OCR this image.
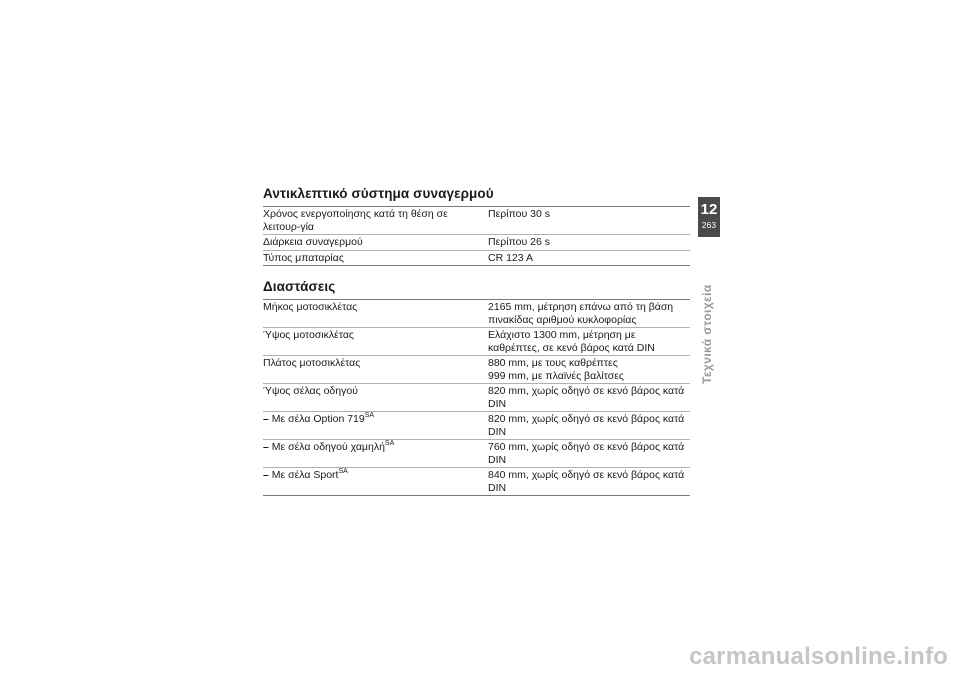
Αντικλεπτικό σύστημα συναγερμού
Χρόνος ενεργοποίησης κατά τη θέση σε λειτουρ-γία	Περίπου 30 s
Διάρκεια συναγερμού	Περίπου 26 s
Τύπος μπαταρίας	CR 123 A
Διαστάσεις
Μήκος μοτοσικλέτας	2165 mm, μέτρηση επάνω από τη βάση πινακίδας αριθμού κυκλοφορίας
Ύψος μοτοσικλέτας	Ελάχιστο 1300 mm, μέτρηση με καθρέπτες, σε κενό βάρος κατά DIN
Πλάτος μοτοσικλέτας	880 mm, με τους καθρέπτες
999 mm, με πλαϊνές βαλίτσες

Ύψος σέλας οδηγού	820 mm, χωρίς οδηγό σε κενό βάρος κατά DIN
– Με σέλα Option $719^{SA}$	820 mm, χωρίς οδηγό σε κενό βάρος κατά DIN
– Με σέλα οδηγού χαμηλή$^{SA}$	760 mm, χωρίς οδηγό σε κενό βάρος κατά DIN
– Με σέλα Sport$^{SA}$	840 mm, χωρίς οδηγό σε κενό βάρος κατά DIN
12
263
Τεχνικά στοιχεία
carmanualsonline.info
